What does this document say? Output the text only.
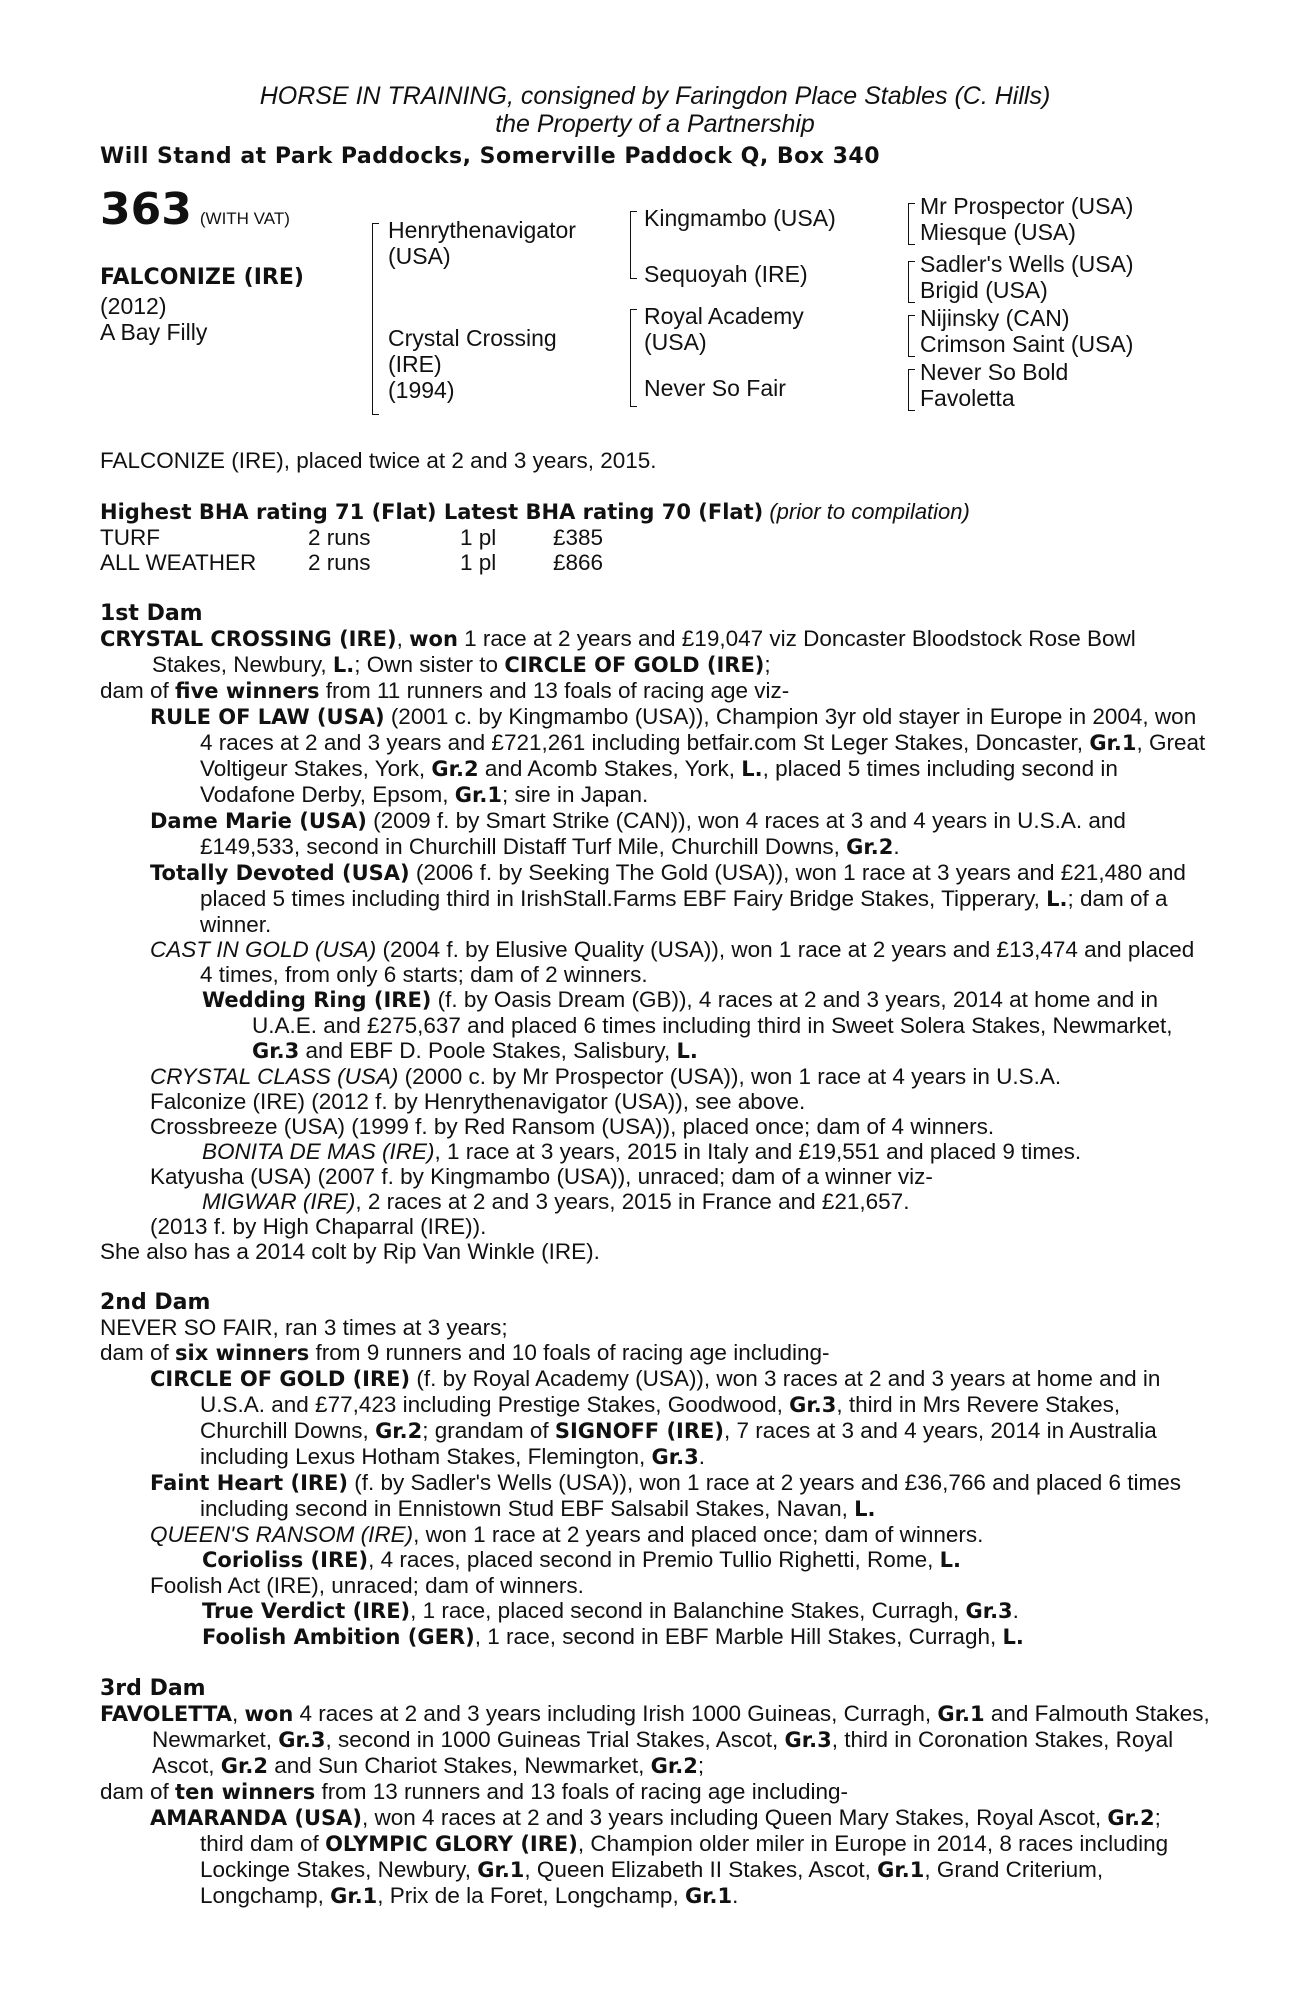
HORSE IN TRAINING, consigned by Faringdon Place Stables (C. Hills)
the Property of a Partnership
Will Stand at Park Paddocks, Somerville Paddock Q, Box 340
363 (WITH VAT)
FALCONIZE (IRE)
(2012)
A Bay Filly
Henrythenavigator
(USA)
Crystal Crossing
(IRE)
(1994)
Kingmambo (USA)
Sequoyah (IRE)
Royal Academy
(USA)
Never So Fair
Mr Prospector (USA)
Miesque (USA)
Sadler's Wells (USA)
Brigid (USA)
Nijinsky (CAN)
Crimson Saint (USA)
Never So Bold
Favoletta

FALCONIZE (IRE), placed twice at 2 and 3 years, 2015.

Highest BHA rating 71 (Flat) Latest BHA rating 70 (Flat) (prior to compilation)
TURF	2 runs	1 pl	£385
ALL WEATHER	2 runs	1 pl	£866
1st Dam

CRYSTAL CROSSING (IRE), won 1 race at 2 years and £19,047 viz Doncaster Bloodstock Rose Bowl Stakes, Newbury, L.; Own sister to CIRCLE OF GOLD (IRE);

dam of five winners from 11 runners and 13 foals of racing age viz-

RULE OF LAW (USA) (2001 c. by Kingmambo (USA)), Champion 3yr old stayer in Europe in 2004, won 4 races at 2 and 3 years and £721,261 including betfair.com St Leger Stakes, Doncaster, Gr.1, Great Voltigeur Stakes, York, Gr.2 and Acomb Stakes, York, L., placed 5 times including second in Vodafone Derby, Epsom, Gr.1; sire in Japan.

Dame Marie (USA) (2009 f. by Smart Strike (CAN)), won 4 races at 3 and 4 years in U.S.A. and £149,533, second in Churchill Distaff Turf Mile, Churchill Downs, Gr.2.

Totally Devoted (USA) (2006 f. by Seeking The Gold (USA)), won 1 race at 3 years and £21,480 and placed 5 times including third in IrishStall.Farms EBF Fairy Bridge Stakes, Tipperary, L.; dam of a winner.

CAST IN GOLD (USA) (2004 f. by Elusive Quality (USA)), won 1 race at 2 years and £13,474 and placed 4 times, from only 6 starts; dam of 2 winners.

Wedding Ring (IRE) (f. by Oasis Dream (GB)), 4 races at 2 and 3 years, 2014 at home and in U.A.E. and £275,637 and placed 6 times including third in Sweet Solera Stakes, Newmarket, Gr.3 and EBF D. Poole Stakes, Salisbury, L.

CRYSTAL CLASS (USA) (2000 c. by Mr Prospector (USA)), won 1 race at 4 years in U.S.A.

Falconize (IRE) (2012 f. by Henrythenavigator (USA)), see above.

Crossbreeze (USA) (1999 f. by Red Ransom (USA)), placed once; dam of 4 winners.

BONITA DE MAS (IRE), 1 race at 3 years, 2015 in Italy and £19,551 and placed 9 times.

Katyusha (USA) (2007 f. by Kingmambo (USA)), unraced; dam of a winner viz-

MIGWAR (IRE), 2 races at 2 and 3 years, 2015 in France and £21,657.

(2013 f. by High Chaparral (IRE)).

She also has a 2014 colt by Rip Van Winkle (IRE).

2nd Dam

NEVER SO FAIR, ran 3 times at 3 years;

dam of six winners from 9 runners and 10 foals of racing age including-

CIRCLE OF GOLD (IRE) (f. by Royal Academy (USA)), won 3 races at 2 and 3 years at home and in U.S.A. and £77,423 including Prestige Stakes, Goodwood, Gr.3, third in Mrs Revere Stakes, Churchill Downs, Gr.2; grandam of SIGNOFF (IRE), 7 races at 3 and 4 years, 2014 in Australia including Lexus Hotham Stakes, Flemington, Gr.3.

Faint Heart (IRE) (f. by Sadler's Wells (USA)), won 1 race at 2 years and £36,766 and placed 6 times including second in Ennistown Stud EBF Salsabil Stakes, Navan, L.

QUEEN'S RANSOM (IRE), won 1 race at 2 years and placed once; dam of winners.

Corioliss (IRE), 4 races, placed second in Premio Tullio Righetti, Rome, L.

Foolish Act (IRE), unraced; dam of winners.

True Verdict (IRE), 1 race, placed second in Balanchine Stakes, Curragh, Gr.3.

Foolish Ambition (GER), 1 race, second in EBF Marble Hill Stakes, Curragh, L.

3rd Dam

FAVOLETTA, won 4 races at 2 and 3 years including Irish 1000 Guineas, Curragh, Gr.1 and Falmouth Stakes, Newmarket, Gr.3, second in 1000 Guineas Trial Stakes, Ascot, Gr.3, third in Coronation Stakes, Royal Ascot, Gr.2 and Sun Chariot Stakes, Newmarket, Gr.2;

dam of ten winners from 13 runners and 13 foals of racing age including-

AMARANDA (USA), won 4 races at 2 and 3 years including Queen Mary Stakes, Royal Ascot, Gr.2; third dam of OLYMPIC GLORY (IRE), Champion older miler in Europe in 2014, 8 races including Lockinge Stakes, Newbury, Gr.1, Queen Elizabeth II Stakes, Ascot, Gr.1, Grand Criterium, Longchamp, Gr.1, Prix de la Foret, Longchamp, Gr.1.
